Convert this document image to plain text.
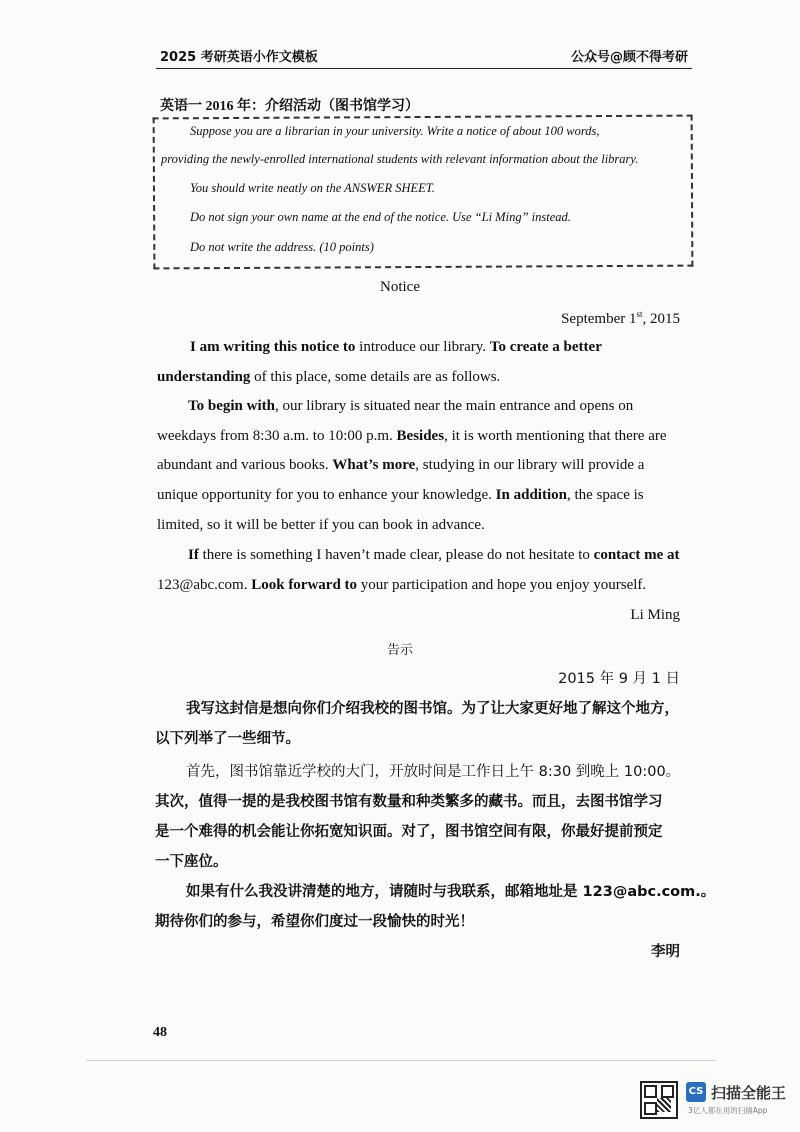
2025 考研英语小作文模板	公众号@顾不得考研
英语一 2016 年：介绍活动（图书馆学习）
Suppose you are a librarian in your university. Write a notice of about 100 words,
providing the newly-enrolled international students with relevant information about the library.
You should write neatly on the ANSWER SHEET.
Do not sign your own name at the end of the notice. Use “Li Ming” instead.
Do not write the address. (10 points)
Notice
September 1st, 2015
I am writing this notice to introduce our library. To create a better
understanding of this place, some details are as follows.
To begin with, our library is situated near the main entrance and opens on
weekdays from 8:30 a.m. to 10:00 p.m. Besides, it is worth mentioning that there are
abundant and various books. What’s more, studying in our library will provide a
unique opportunity for you to enhance your knowledge. In addition, the space is
limited, so it will be better if you can book in advance.
If there is something I haven’t made clear, please do not hesitate to contact me at
123@abc.com. Look forward to your participation and hope you enjoy yourself.
Li Ming
告示
2015 年 9 月 1 日
我写这封信是想向你们介绍我校的图书馆。为了让大家更好地了解这个地方，
以下列举了一些细节。
首先，图书馆靠近学校的大门，开放时间是工作日上午 8:30 到晚上 10:00。
其次，值得一提的是我校图书馆有数量和种类繁多的藏书。而且，去图书馆学习
是一个难得的机会能让你拓宽知识面。对了，图书馆空间有限，你最好提前预定
一下座位。
如果有什么我没讲清楚的地方，请随时与我联系，邮箱地址是 123@abc.com.。
期待你们的参与，希望你们度过一段愉快的时光！
李明
48
CS 扫描全能王
3亿人都在用的扫描App
